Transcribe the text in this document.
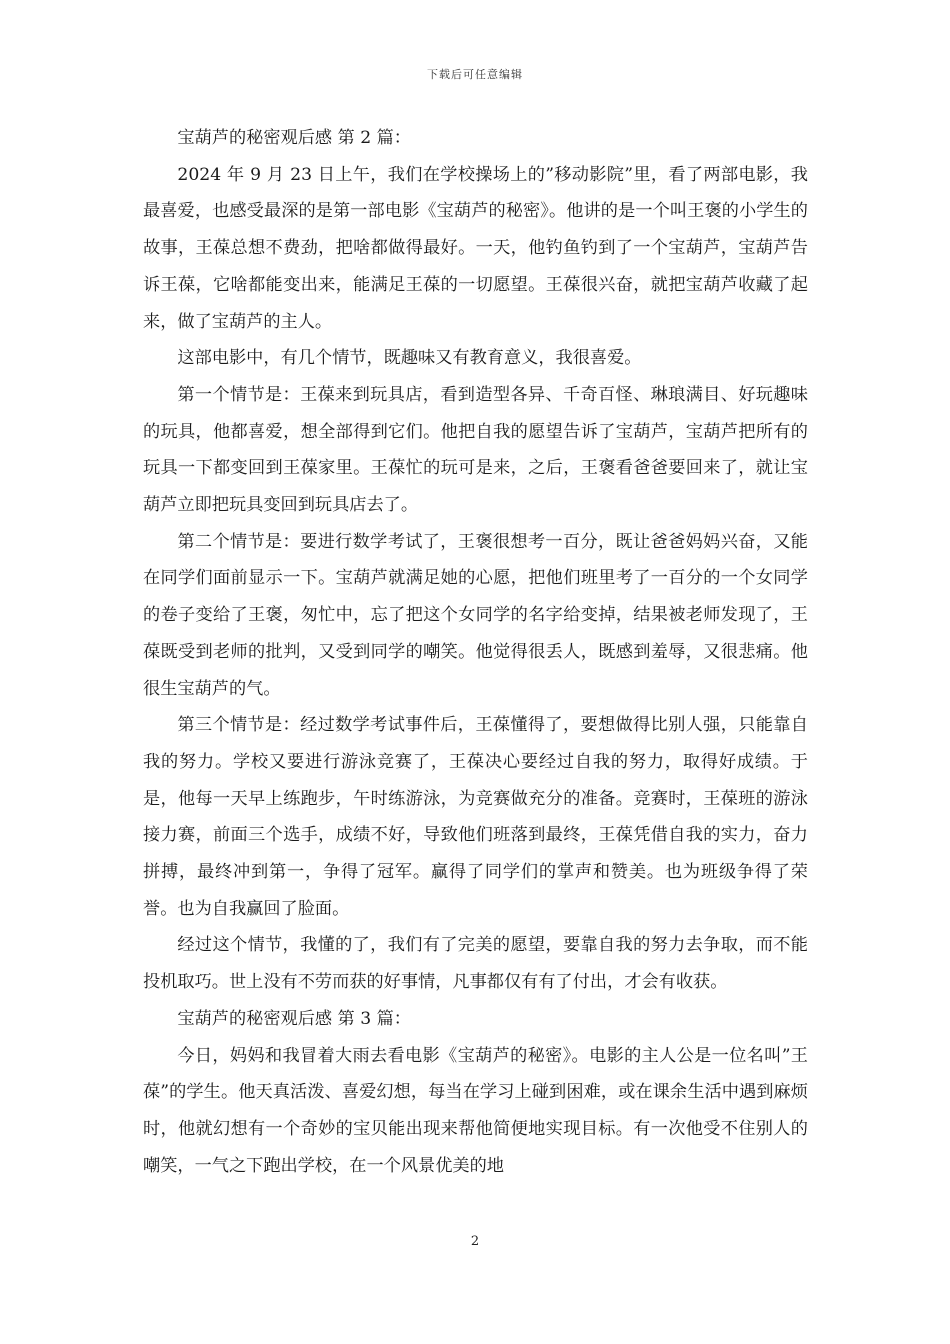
下载后可任意编辑

宝葫芦的秘密观后感 第 2 篇：

2024 年 9 月 23 日上午，我们在学校操场上的”移动影院”里，看了两部电影，我最喜爱，也感受最深的是第一部电影《宝葫芦的秘密》。他讲的是一个叫王褒的小学生的故事，王葆总想不费劲，把啥都做得最好。一天，他钓鱼钓到了一个宝葫芦，宝葫芦告诉王葆，它啥都能变出来，能满足王葆的一切愿望。王葆很兴奋，就把宝葫芦收藏了起来，做了宝葫芦的主人。

这部电影中，有几个情节，既趣味又有教育意义，我很喜爱。

第一个情节是：王葆来到玩具店，看到造型各异、千奇百怪、琳琅满目、好玩趣味的玩具，他都喜爱，想全部得到它们。他把自我的愿望告诉了宝葫芦，宝葫芦把所有的玩具一下都变回到王葆家里。王葆忙的玩可是来，之后，王褒看爸爸要回来了，就让宝葫芦立即把玩具变回到玩具店去了。

第二个情节是：要进行数学考试了，王褒很想考一百分，既让爸爸妈妈兴奋，又能在同学们面前显示一下。宝葫芦就满足她的心愿，把他们班里考了一百分的一个女同学的卷子变给了王褒，匆忙中，忘了把这个女同学的名字给变掉，结果被老师发现了，王葆既受到老师的批判，又受到同学的嘲笑。他觉得很丢人，既感到羞辱，又很悲痛。他很生宝葫芦的气。

第三个情节是：经过数学考试事件后，王葆懂得了，要想做得比别人强，只能靠自我的努力。学校又要进行游泳竞赛了，王葆决心要经过自我的努力，取得好成绩。于是，他每一天早上练跑步，午时练游泳，为竞赛做充分的准备。竞赛时，王葆班的游泳接力赛，前面三个选手，成绩不好，导致他们班落到最终，王葆凭借自我的实力，奋力拼搏，最终冲到第一，争得了冠军。赢得了同学们的掌声和赞美。也为班级争得了荣誉。也为自我赢回了脸面。

经过这个情节，我懂的了，我们有了完美的愿望，要靠自我的努力去争取，而不能投机取巧。世上没有不劳而获的好事情，凡事都仅有有了付出，才会有收获。

宝葫芦的秘密观后感 第 3 篇：

今日，妈妈和我冒着大雨去看电影《宝葫芦的秘密》。电影的主人公是一位名叫”王葆”的学生。他天真活泼、喜爱幻想，每当在学习上碰到困难，或在课余生活中遇到麻烦时，他就幻想有一个奇妙的宝贝能出现来帮他简便地实现目标。有一次他受不住别人的嘲笑，一气之下跑出学校，在一个风景优美的地

2
